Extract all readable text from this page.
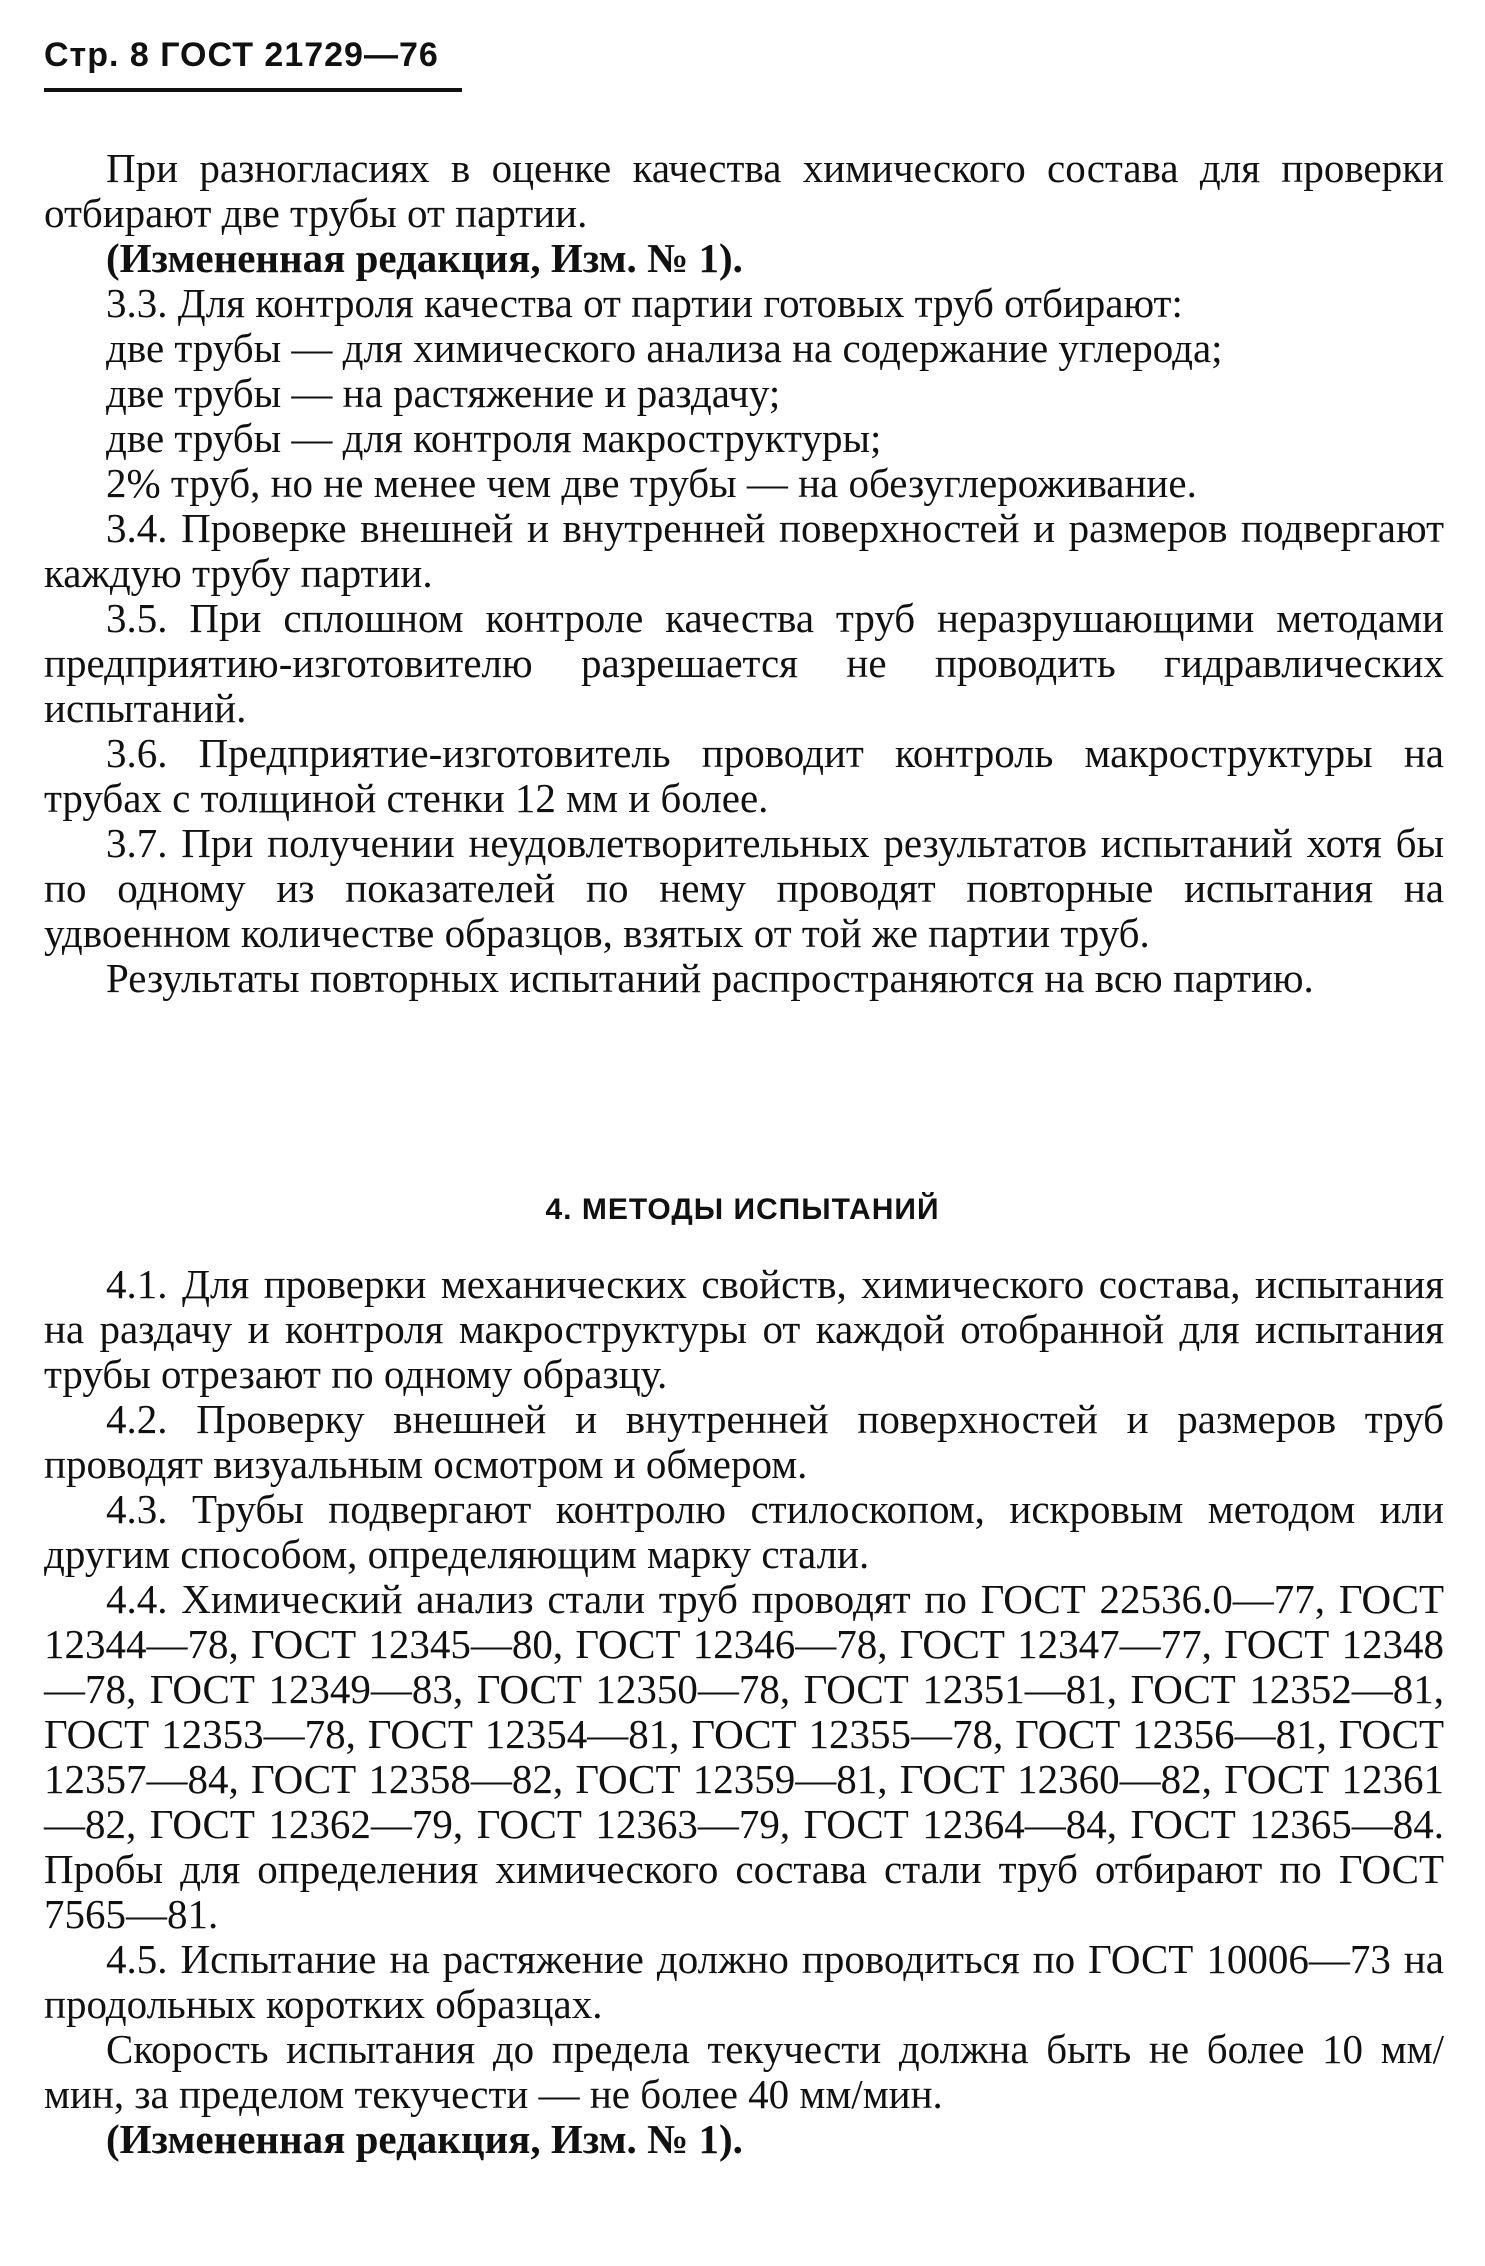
Стр. 8 ГОСТ 21729—76

При разногласиях в оценке качества химического состава для проверки отбирают две трубы от партии.

(Измененная редакция, Изм. № 1).

3.3. Для контроля качества от партии готовых труб отбирают:

две трубы — для химического анализа на содержание углерода;

две трубы — на растяжение и раздачу;

две трубы — для контроля макроструктуры;

2% труб, но не менее чем две трубы — на обезуглероживание.

3.4. Проверке внешней и внутренней поверхностей и размеров подвергают каждую трубу партии.

3.5. При сплошном контроле качества труб неразрушающими методами предприятию-изготовителю разрешается не проводить гидравлических испытаний.

3.6. Предприятие-изготовитель проводит контроль макроструктуры на трубах с толщиной стенки 12 мм и более.

3.7. При получении неудовлетворительных результатов испытаний хотя бы по одному из показателей по нему проводят повторные испытания на удвоенном количестве образцов, взятых от той же партии труб.

Результаты повторных испытаний распространяются на всю партию.

4. МЕТОДЫ ИСПЫТАНИЙ

4.1. Для проверки механических свойств, химического состава, испытания на раздачу и контроля макроструктуры от каждой отобранной для испытания трубы отрезают по одному образцу.

4.2. Проверку внешней и внутренней поверхностей и размеров труб проводят визуальным осмотром и обмером.

4.3. Трубы подвергают контролю стилоскопом, искровым методом или другим способом, определяющим марку стали.

4.4. Химический анализ стали труб проводят по ГОСТ 22536.0—77, ГОСТ 12344—78, ГОСТ 12345—80, ГОСТ 12346—78, ГОСТ 12347—77, ГОСТ 12348—78, ГОСТ 12349—83, ГОСТ 12350—78, ГОСТ 12351—81, ГОСТ 12352—81, ГОСТ 12353—78, ГОСТ 12354—81, ГОСТ 12355—78, ГОСТ 12356—81, ГОСТ 12357—84, ГОСТ 12358—82, ГОСТ 12359—81, ГОСТ 12360—82, ГОСТ 12361—82, ГОСТ 12362—79, ГОСТ 12363—79, ГОСТ 12364—84, ГОСТ 12365—84. Пробы для определения химического состава стали труб отбирают по ГОСТ 7565—81.

4.5. Испытание на растяжение должно проводиться по ГОСТ 10006—73 на продольных коротких образцах.

Скорость испытания до предела текучести должна быть не более 10 мм/мин, за пределом текучести — не более 40 мм/мин.

(Измененная редакция, Изм. № 1).
